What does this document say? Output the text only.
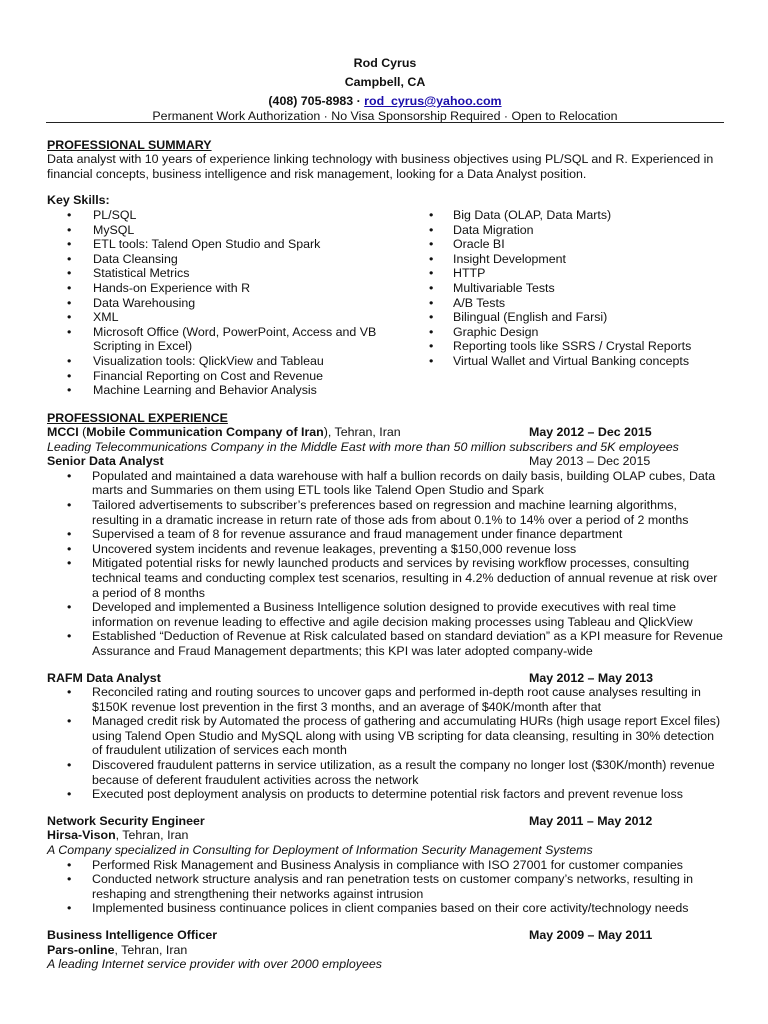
Rod Cyrus
Campbell, CA
(408) 705-8983 · rod_cyrus@yahoo.com
Permanent Work Authorization · No Visa Sponsorship Required · Open to Relocation
PROFESSIONAL SUMMARY
Data analyst with 10 years of experience linking technology with business objectives using PL/SQL and R. Experienced in financial concepts, business intelligence and risk management, looking for a Data Analyst position.
Key Skills:
• PL/SQL
• MySQL
• ETL tools: Talend Open Studio and Spark
• Data Cleansing
• Statistical Metrics
• Hands-on Experience with R
• Data Warehousing
• XML
• Microsoft Office (Word, PowerPoint, Access and VB Scripting in Excel)
• Visualization tools: QlickView and Tableau
• Financial Reporting on Cost and Revenue
• Machine Learning and Behavior Analysis
• Big Data (OLAP, Data Marts)
• Data Migration
• Oracle BI
• Insight Development
• HTTP
• Multivariable Tests
• A/B Tests
• Bilingual (English and Farsi)
• Graphic Design
• Reporting tools like SSRS / Crystal Reports
• Virtual Wallet and Virtual Banking concepts
PROFESSIONAL EXPERIENCE
MCCI (Mobile Communication Company of Iran), Tehran, Iran	May 2012 – Dec 2015
Leading Telecommunications Company in the Middle East with more than 50 million subscribers and 5K employees
Senior Data Analyst	May 2013 – Dec 2015
• Populated and maintained a data warehouse with half a bullion records on daily basis, building OLAP cubes, Data marts and Summaries on them using ETL tools like Talend Open Studio and Spark
• Tailored advertisements to subscriber’s preferences based on regression and machine learning algorithms, resulting in a dramatic increase in return rate of those ads from about 0.1% to 14% over a period of 2 months
• Supervised a team of 8 for revenue assurance and fraud management under finance department
• Uncovered system incidents and revenue leakages, preventing a $150,000 revenue loss
• Mitigated potential risks for newly launched products and services by revising workflow processes, consulting technical teams and conducting complex test scenarios, resulting in 4.2% deduction of annual revenue at risk over a period of 8 months
• Developed and implemented a Business Intelligence solution designed to provide executives with real time information on revenue leading to effective and agile decision making processes using Tableau and QlickView
• Established “Deduction of Revenue at Risk calculated based on standard deviation” as a KPI measure for Revenue Assurance and Fraud Management departments; this KPI was later adopted company-wide
RAFM Data Analyst	May 2012 – May 2013
• Reconciled rating and routing sources to uncover gaps and performed in-depth root cause analyses resulting in $150K revenue lost prevention in the first 3 months, and an average of $40K/month after that
• Managed credit risk by Automated the process of gathering and accumulating HURs (high usage report Excel files) using Talend Open Studio and MySQL along with using VB scripting for data cleansing, resulting in 30% detection of fraudulent utilization of services each month
• Discovered fraudulent patterns in service utilization, as a result the company no longer lost ($30K/month) revenue because of deferent fraudulent activities across the network
• Executed post deployment analysis on products to determine potential risk factors and prevent revenue loss
Network Security Engineer	May 2011 – May 2012
Hirsa-Vison, Tehran, Iran
A Company specialized in Consulting for Deployment of Information Security Management Systems
• Performed Risk Management and Business Analysis in compliance with ISO 27001 for customer companies
• Conducted network structure analysis and ran penetration tests on customer company’s networks, resulting in reshaping and strengthening their networks against intrusion
• Implemented business continuance polices in client companies based on their core activity/technology needs
Business Intelligence Officer	May 2009 – May 2011
Pars-online, Tehran, Iran
A leading Internet service provider with over 2000 employees
